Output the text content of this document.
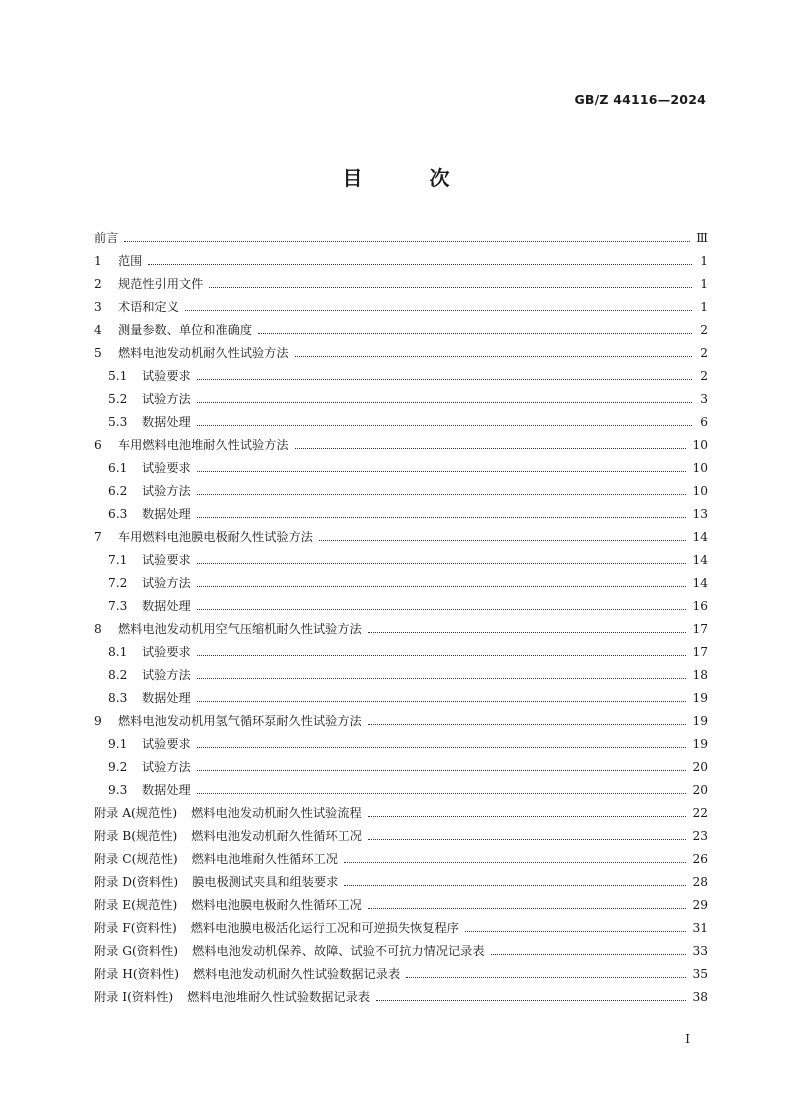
GB/Z 44116—2024
目 次
前言	Ⅲ
1	范围	1
2	规范性引用文件	1
3	术语和定义	1
4	测量参数、单位和准确度	2
5	燃料电池发动机耐久性试验方法	2
5.1	试验要求	2
5.2	试验方法	3
5.3	数据处理	6
6	车用燃料电池堆耐久性试验方法	10
6.1	试验要求	10
6.2	试验方法	10
6.3	数据处理	13
7	车用燃料电池膜电极耐久性试验方法	14
7.1	试验要求	14
7.2	试验方法	14
7.3	数据处理	16
8	燃料电池发动机用空气压缩机耐久性试验方法	17
8.1	试验要求	17
8.2	试验方法	18
8.3	数据处理	19
9	燃料电池发动机用氢气循环泵耐久性试验方法	19
9.1	试验要求	19
9.2	试验方法	20
9.3	数据处理	20
附录 A(规范性) 燃料电池发动机耐久性试验流程	22
附录 B(规范性) 燃料电池发动机耐久性循环工况	23
附录 C(规范性) 燃料电池堆耐久性循环工况	26
附录 D(资料性) 膜电极测试夹具和组装要求	28
附录 E(规范性) 燃料电池膜电极耐久性循环工况	29
附录 F(资料性) 燃料电池膜电极活化运行工况和可逆损失恢复程序	31
附录 G(资料性) 燃料电池发动机保养、故障、试验不可抗力情况记录表	33
附录 H(资料性) 燃料电池发动机耐久性试验数据记录表	35
附录 I(资料性) 燃料电池堆耐久性试验数据记录表	38
Ⅰ
